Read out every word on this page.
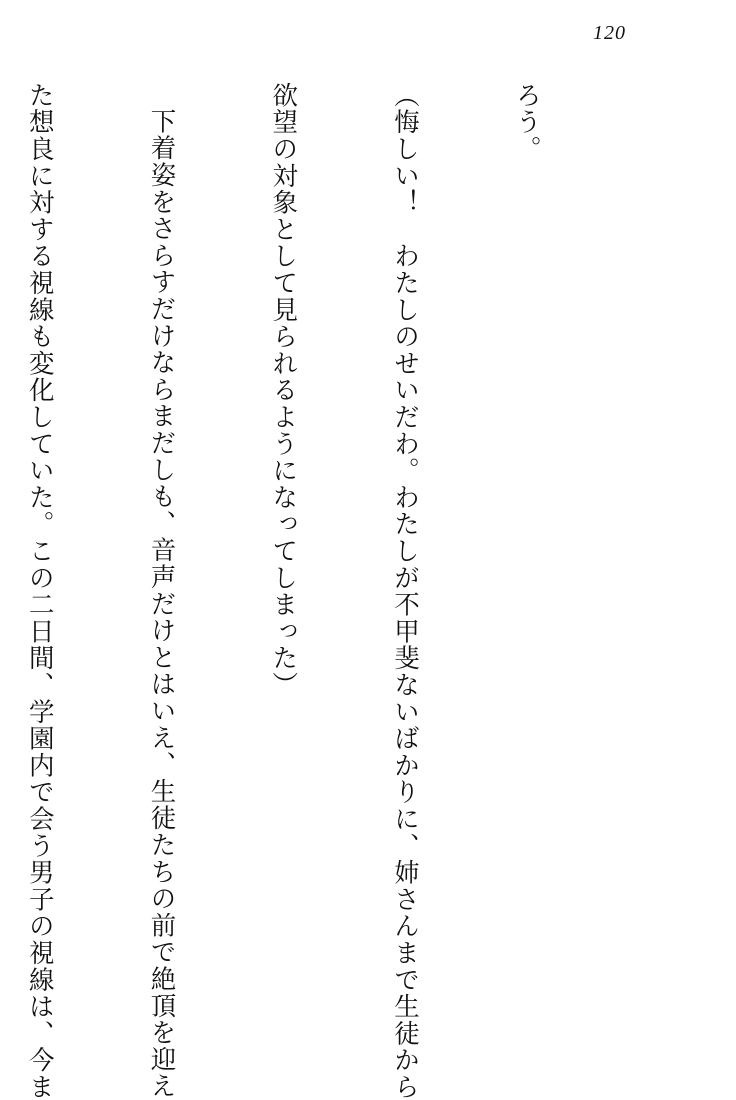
120

ろう。

（悔しい！　わたしのせいだわ。わたしが不甲斐ないばかりに、姉さんまで生徒から

欲望の対象として見られるようになってしまった）

下着姿をさらすだけならまだしも、音声だけとはいえ、生徒たちの前で絶頂を迎え

た想良に対する視線も変化していた。この二日間、学園内で会う男子の視線は、今ま
